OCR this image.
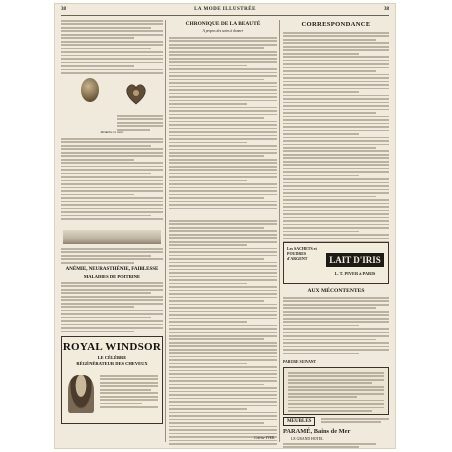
38	LA MODE ILLUSTRÉE	38
Médaille et cœur
ANÉMIE, NEURASTHÉNIE, FAIBLESSE
MALADIES DE POITRINE
ROYAL WINDSOR
LE CÉLÈBRE
RÉGÉNÉRATEUR DES CHEVEUX
CHRONIQUE DE LA BEAUTÉ
A propos des soins à donner
Colette YVER.
CORRESPONDANCE
Les SACHETS et POUDRES d'ARGENT	LAIT D'IRIS
L. T. PIVER à PARIS
AUX MÉCONTENTES
PARURE SUIVANT
MEUBLES
PARAMÉ, Bains de Mer
LE GRAND HOTEL
